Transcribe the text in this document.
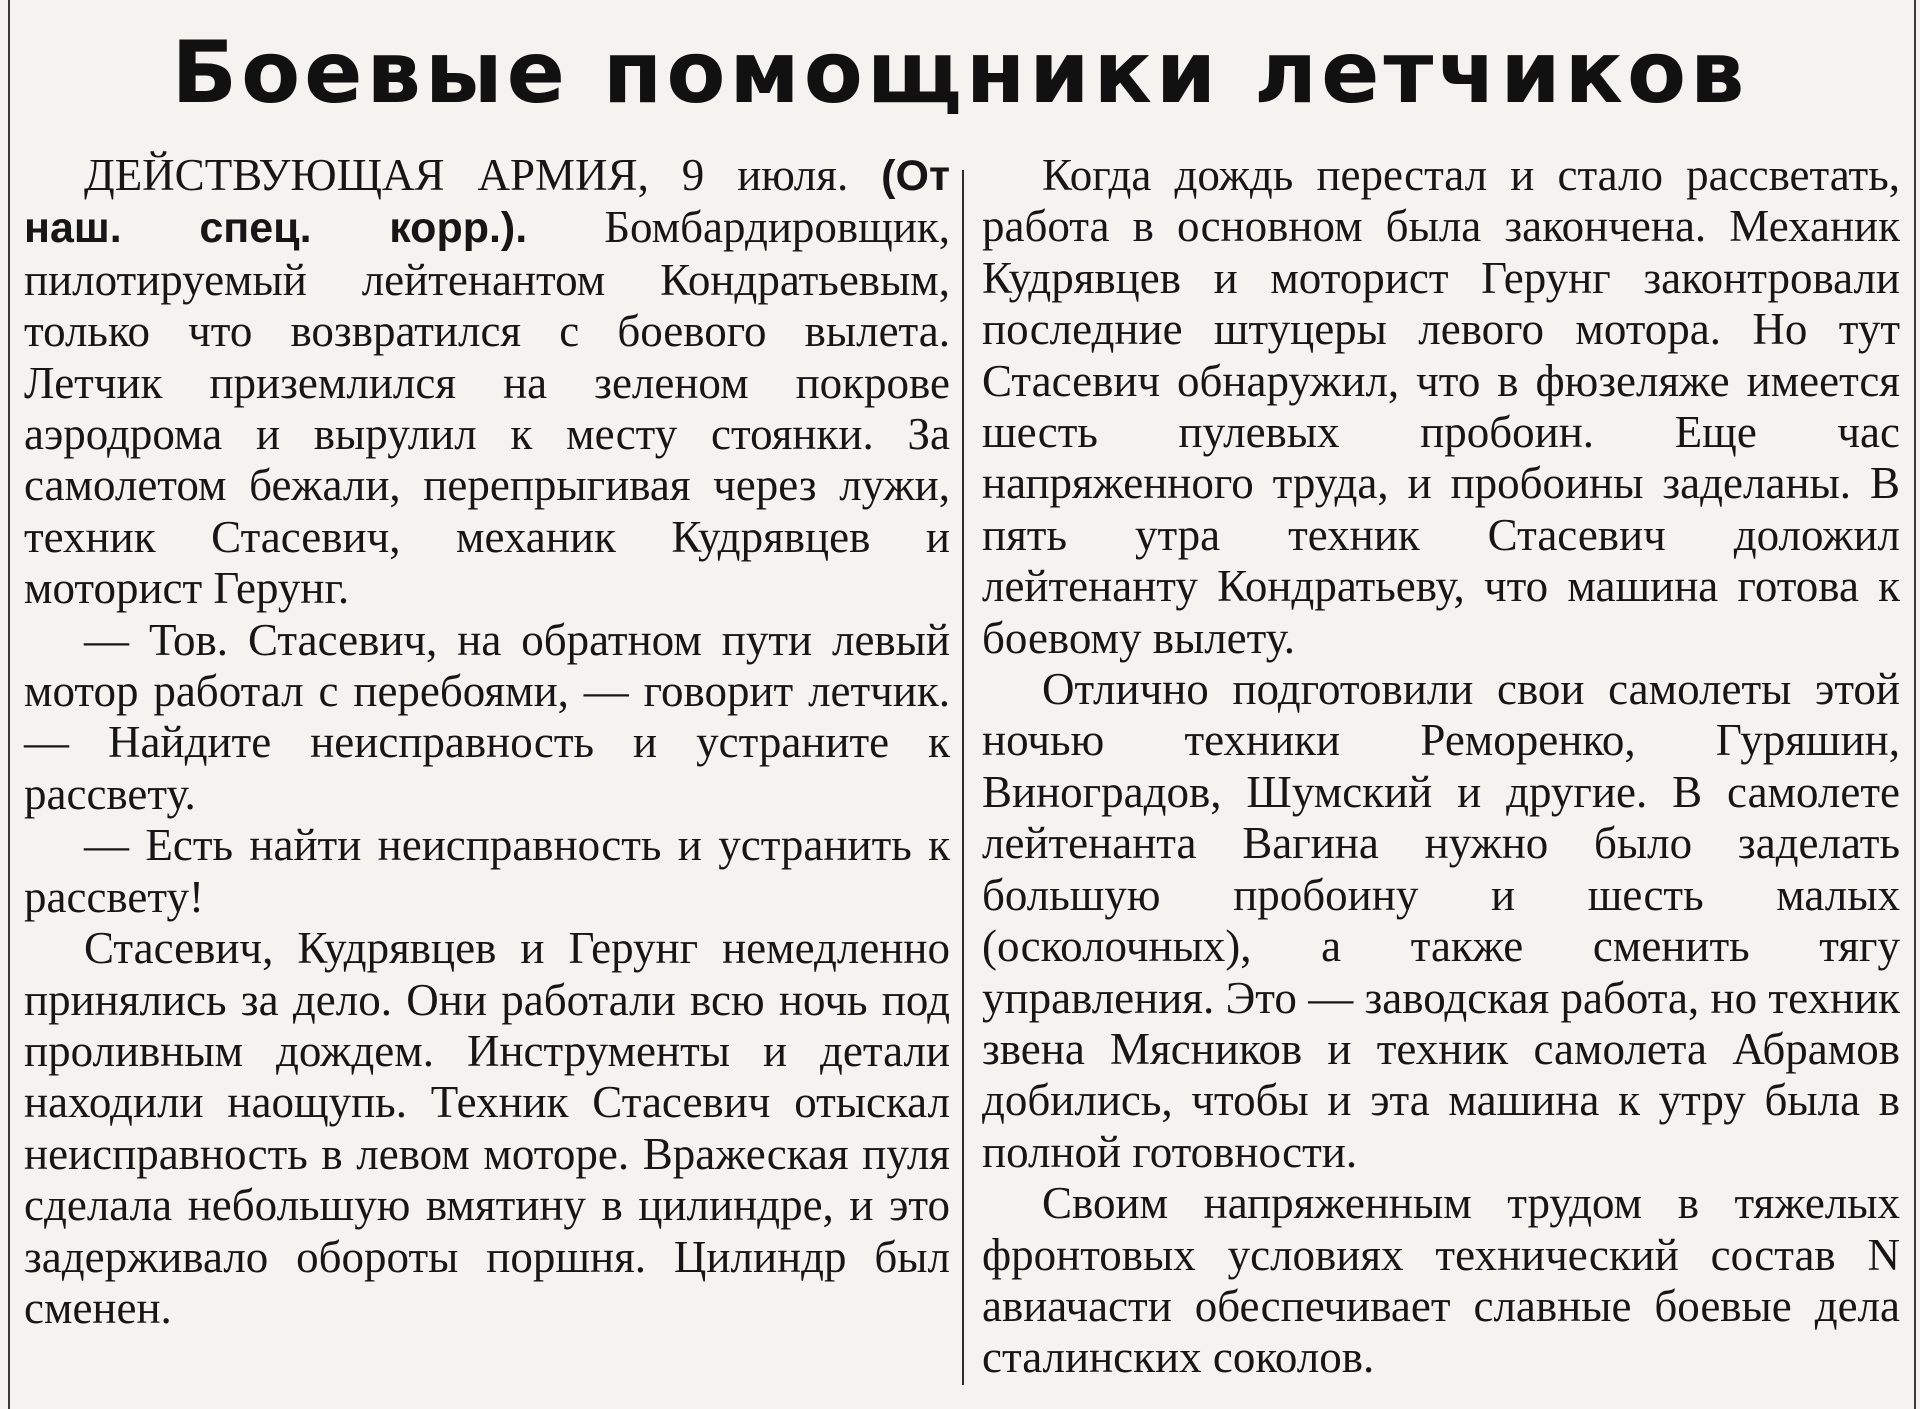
Боевые помощники летчиков

ДЕЙСТВУЮЩАЯ АРМИЯ, 9 июля. (От наш. спец. корр.). Бомбардировщик, пилотируемый лейтенантом Кондратьевым, только что возвратился с боевого вылета. Летчик приземлился на зеленом покрове аэродрома и вырулил к месту стоянки. За самолетом бежали, перепрыгивая через лужи, техник Стасевич, механик Кудрявцев и моторист Герунг.

— Тов. Стасевич, на обратном пути левый мотор работал с перебоями, — говорит летчик. — Найдите неисправность и устраните к рассвету.

— Есть найти неисправность и устранить к рассвету!

Стасевич, Кудрявцев и Герунг немедленно принялись за дело. Они работали всю ночь под проливным дождем. Инструменты и детали находили наощупь. Техник Стасевич отыскал неисправность в левом моторе. Вражеская пуля сделала небольшую вмятину в цилиндре, и это задерживало обороты поршня. Цилиндр был сменен.

Когда дождь перестал и стало рассветать, работа в основном была закончена. Механик Кудрявцев и моторист Герунг законтровали последние штуцеры левого мотора. Но тут Стасевич обнаружил, что в фюзеляже имеется шесть пулевых пробоин. Еще час напряженного труда, и пробоины заделаны. В пять утра техник Стасевич доложил лейтенанту Кондратьеву, что машина готова к боевому вылету.

Отлично подготовили свои самолеты этой ночью техники Реморенко, Гуряшин, Виноградов, Шумский и другие. В самолете лейтенанта Вагина нужно было заделать большую пробоину и шесть малых (осколочных), а также сменить тягу управления. Это — заводская работа, но техник звена Мясников и техник самолета Абрамов добились, чтобы и эта машина к утру была в полной готовности.

Своим напряженным трудом в тяжелых фронтовых условиях технический состав N авиачасти обеспечивает славные боевые дела сталинских соколов.
